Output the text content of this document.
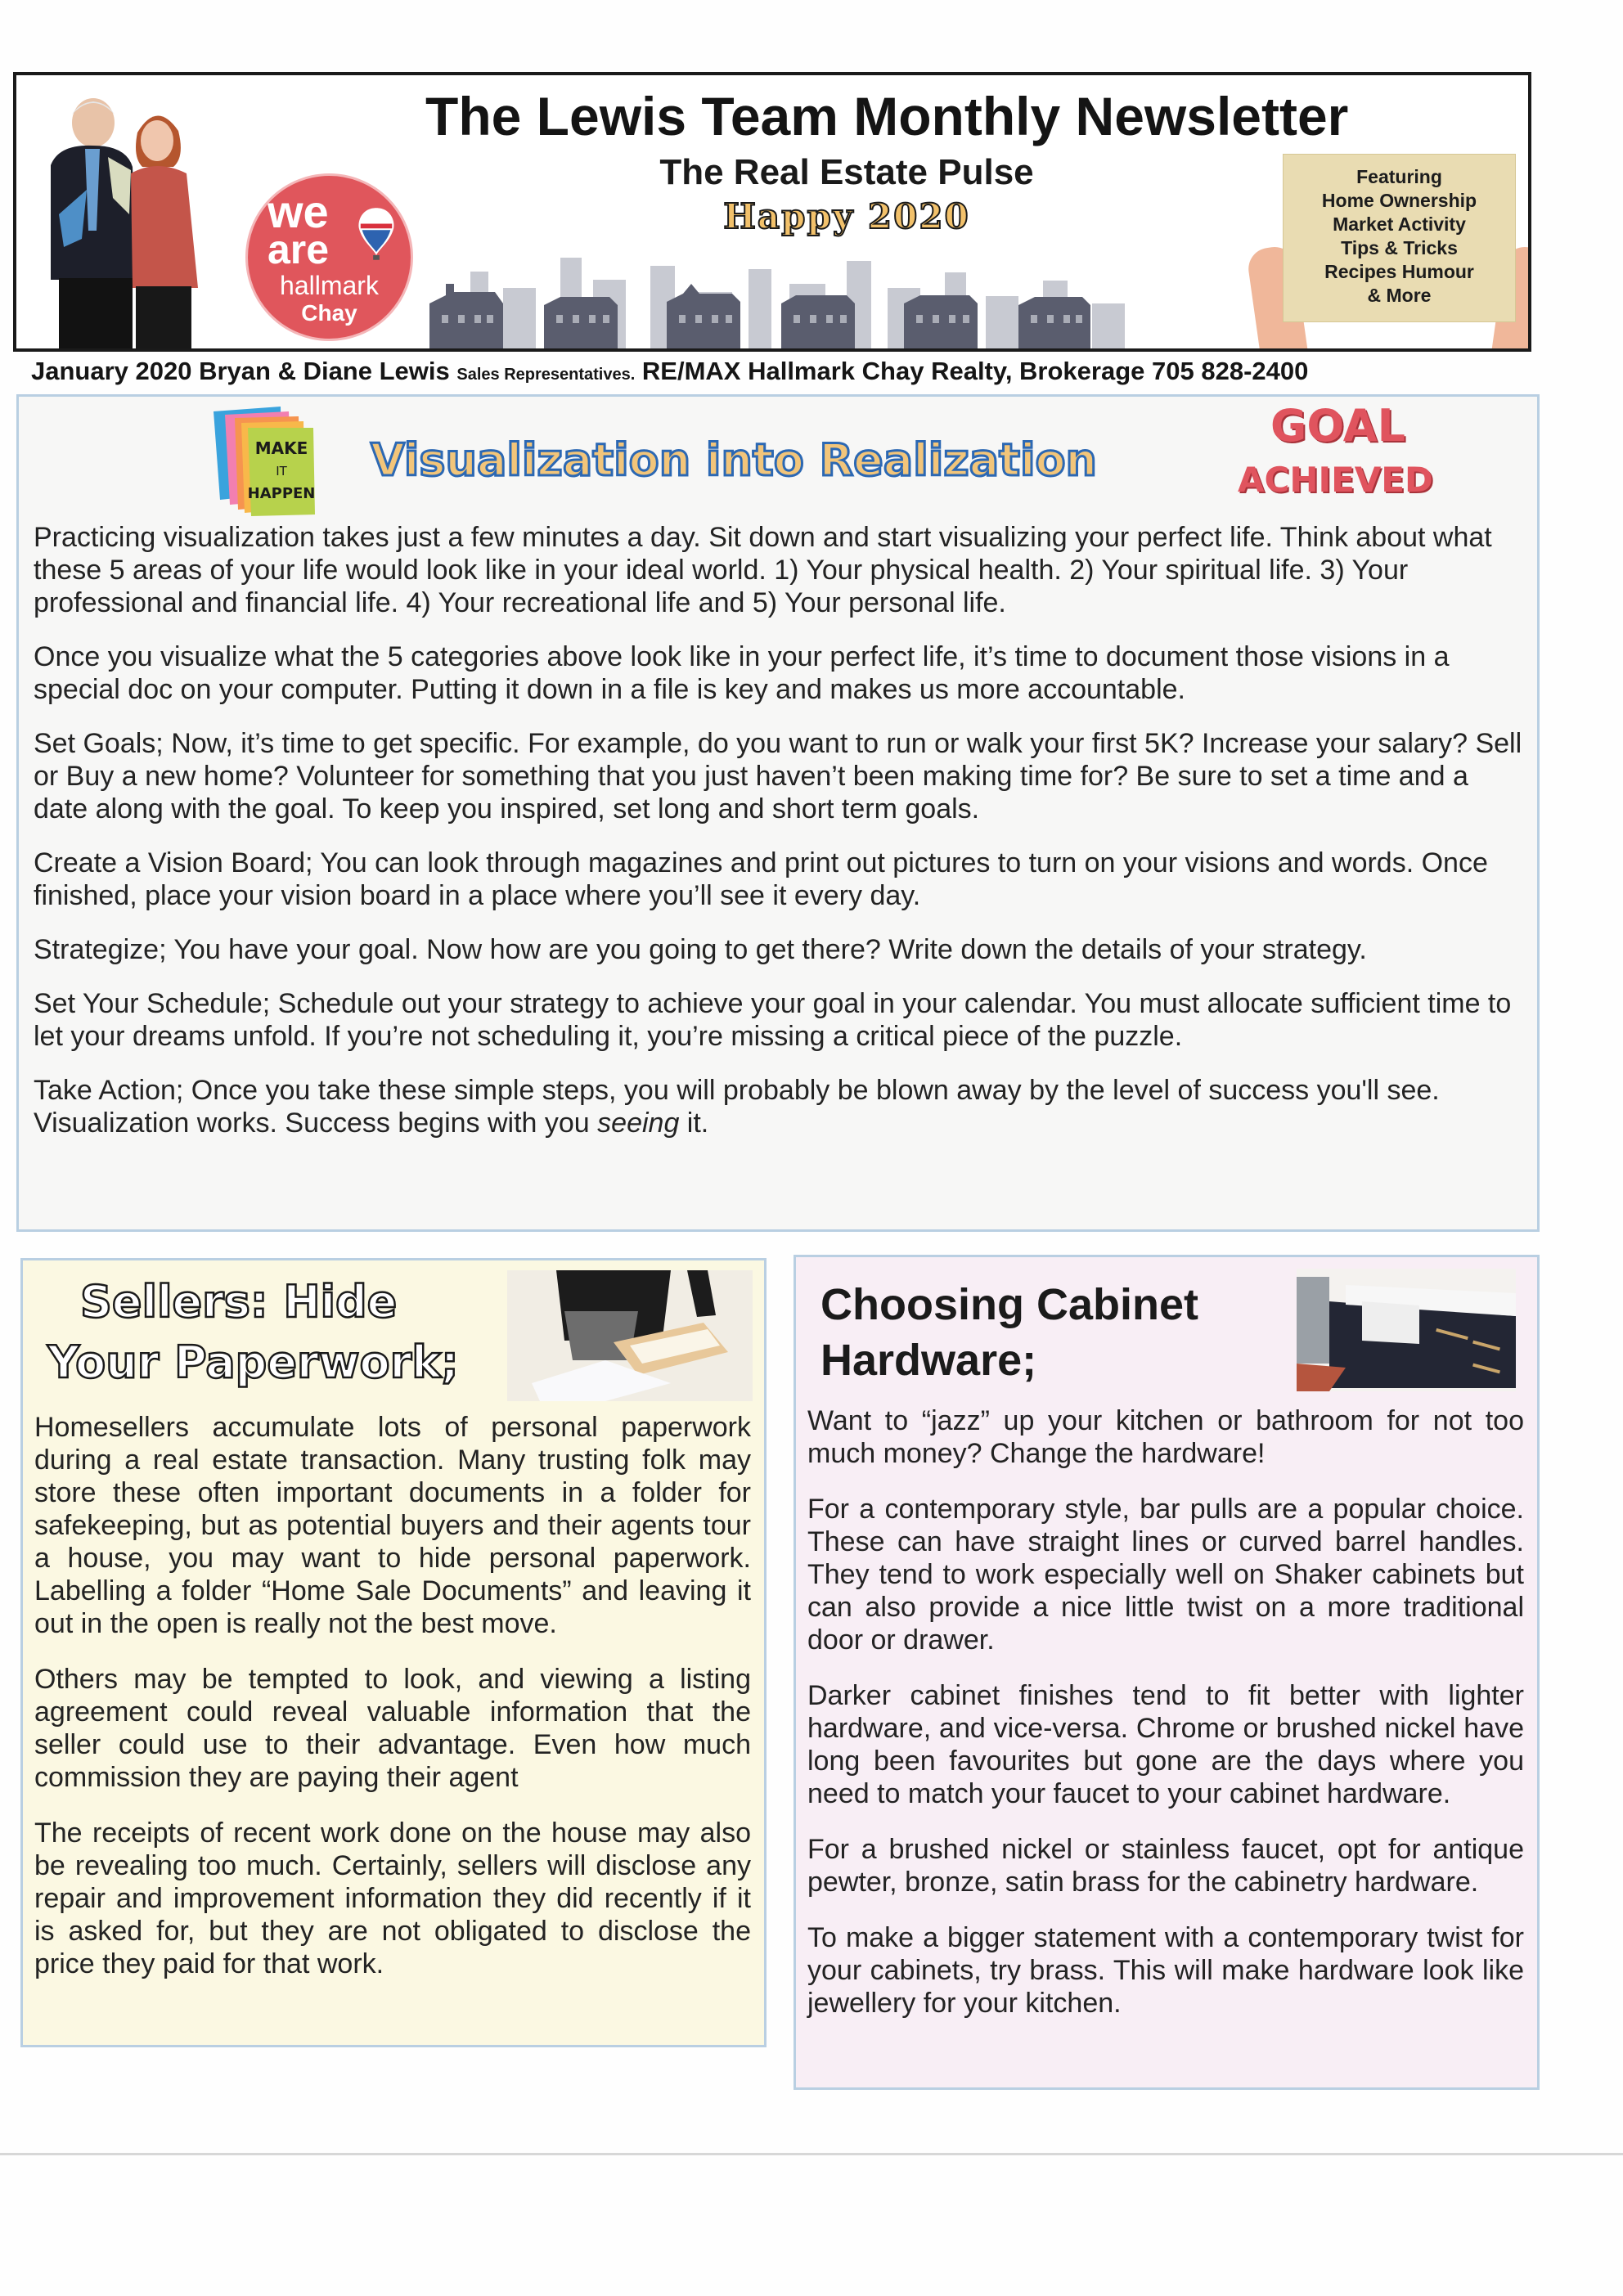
we
are
hallmark
Chay
The Lewis Team Monthly Newsletter
The Real Estate Pulse
Happy 2020
Featuring
Home Ownership
Market Activity
Tips & Tricks
Recipes Humour
& More
January 2020 Bryan & Diane Lewis Sales Representatives. RE/MAX Hallmark Chay Realty, Brokerage 705 828-2400
MAKE
IT
HAPPEN
Visualization into Realization
GOAL
ACHIEVED

Practicing visualization takes just a few minutes a day. Sit down and start visualizing your perfect life. Think about what these 5 areas of your life would look like in your ideal world. 1) Your physical health. 2) Your spiritual life. 3) Your professional and financial life. 4) Your recreational life and 5) Your personal life.

Once you visualize what the 5 categories above look like in your perfect life, it’s time to document those visions in a special doc on your computer. Putting it down in a file is key and makes us more accountable.

Set Goals; Now, it’s time to get specific. For example, do you want to run or walk your first 5K? Increase your salary? Sell or Buy a new home? Volunteer for something that you just haven’t been making time for? Be sure to set a time and a date along with the goal. To keep you inspired, set long and short term goals.

Create a Vision Board; You can look through magazines and print out pictures to turn on your visions and words. Once finished, place your vision board in a place where you’ll see it every day.

Strategize; You have your goal. Now how are you going to get there? Write down the details of your strategy.

Set Your Schedule; Schedule out your strategy to achieve your goal in your calendar. You must allocate sufficient time to let your dreams unfold. If you’re not scheduling it, you’re missing a critical piece of the puzzle.

Take Action; Once you take these simple steps, you will probably be blown away by the level of success you'll see. Visualization works. Success begins with you seeing it.

Sellers: Hide
Your Paperwork;

Homesellers accumulate lots of personal paperwork during a real estate transaction. Many trusting folk may store these often important documents in a folder for safekeeping, but as potential buyers and their agents tour a house, you may want to hide personal paperwork. Labelling a folder “Home Sale Documents” and leaving it out in the open is really not the best move.

Others may be tempted to look, and viewing a listing agreement could reveal valuable information that the seller could use to their advantage. Even how much commission they are paying their agent

The receipts of recent work done on the house may also be revealing too much. Certainly, sellers will disclose any repair and improvement information they did recently if it is asked for, but they are not obligated to disclose the price they paid for that work.

Choosing Cabinet
Hardware;

Want to “jazz” up your kitchen or bathroom for not too much money? Change the hardware!

For a contemporary style, bar pulls are a popular choice. These can have straight lines or curved barrel handles. They tend to work especially well on Shaker cabinets but can also provide a nice little twist on a more traditional door or drawer.

Darker cabinet finishes tend to fit better with lighter hardware, and vice-versa. Chrome or brushed nickel have long been favourites but gone are the days where you need to match your faucet to your cabinet hardware.

For a brushed nickel or stainless faucet, opt for antique pewter, bronze, satin brass for the cabinetry hardware.

To make a bigger statement with a contemporary twist for your cabinets, try brass. This will make hardware look like jewellery for your kitchen.
